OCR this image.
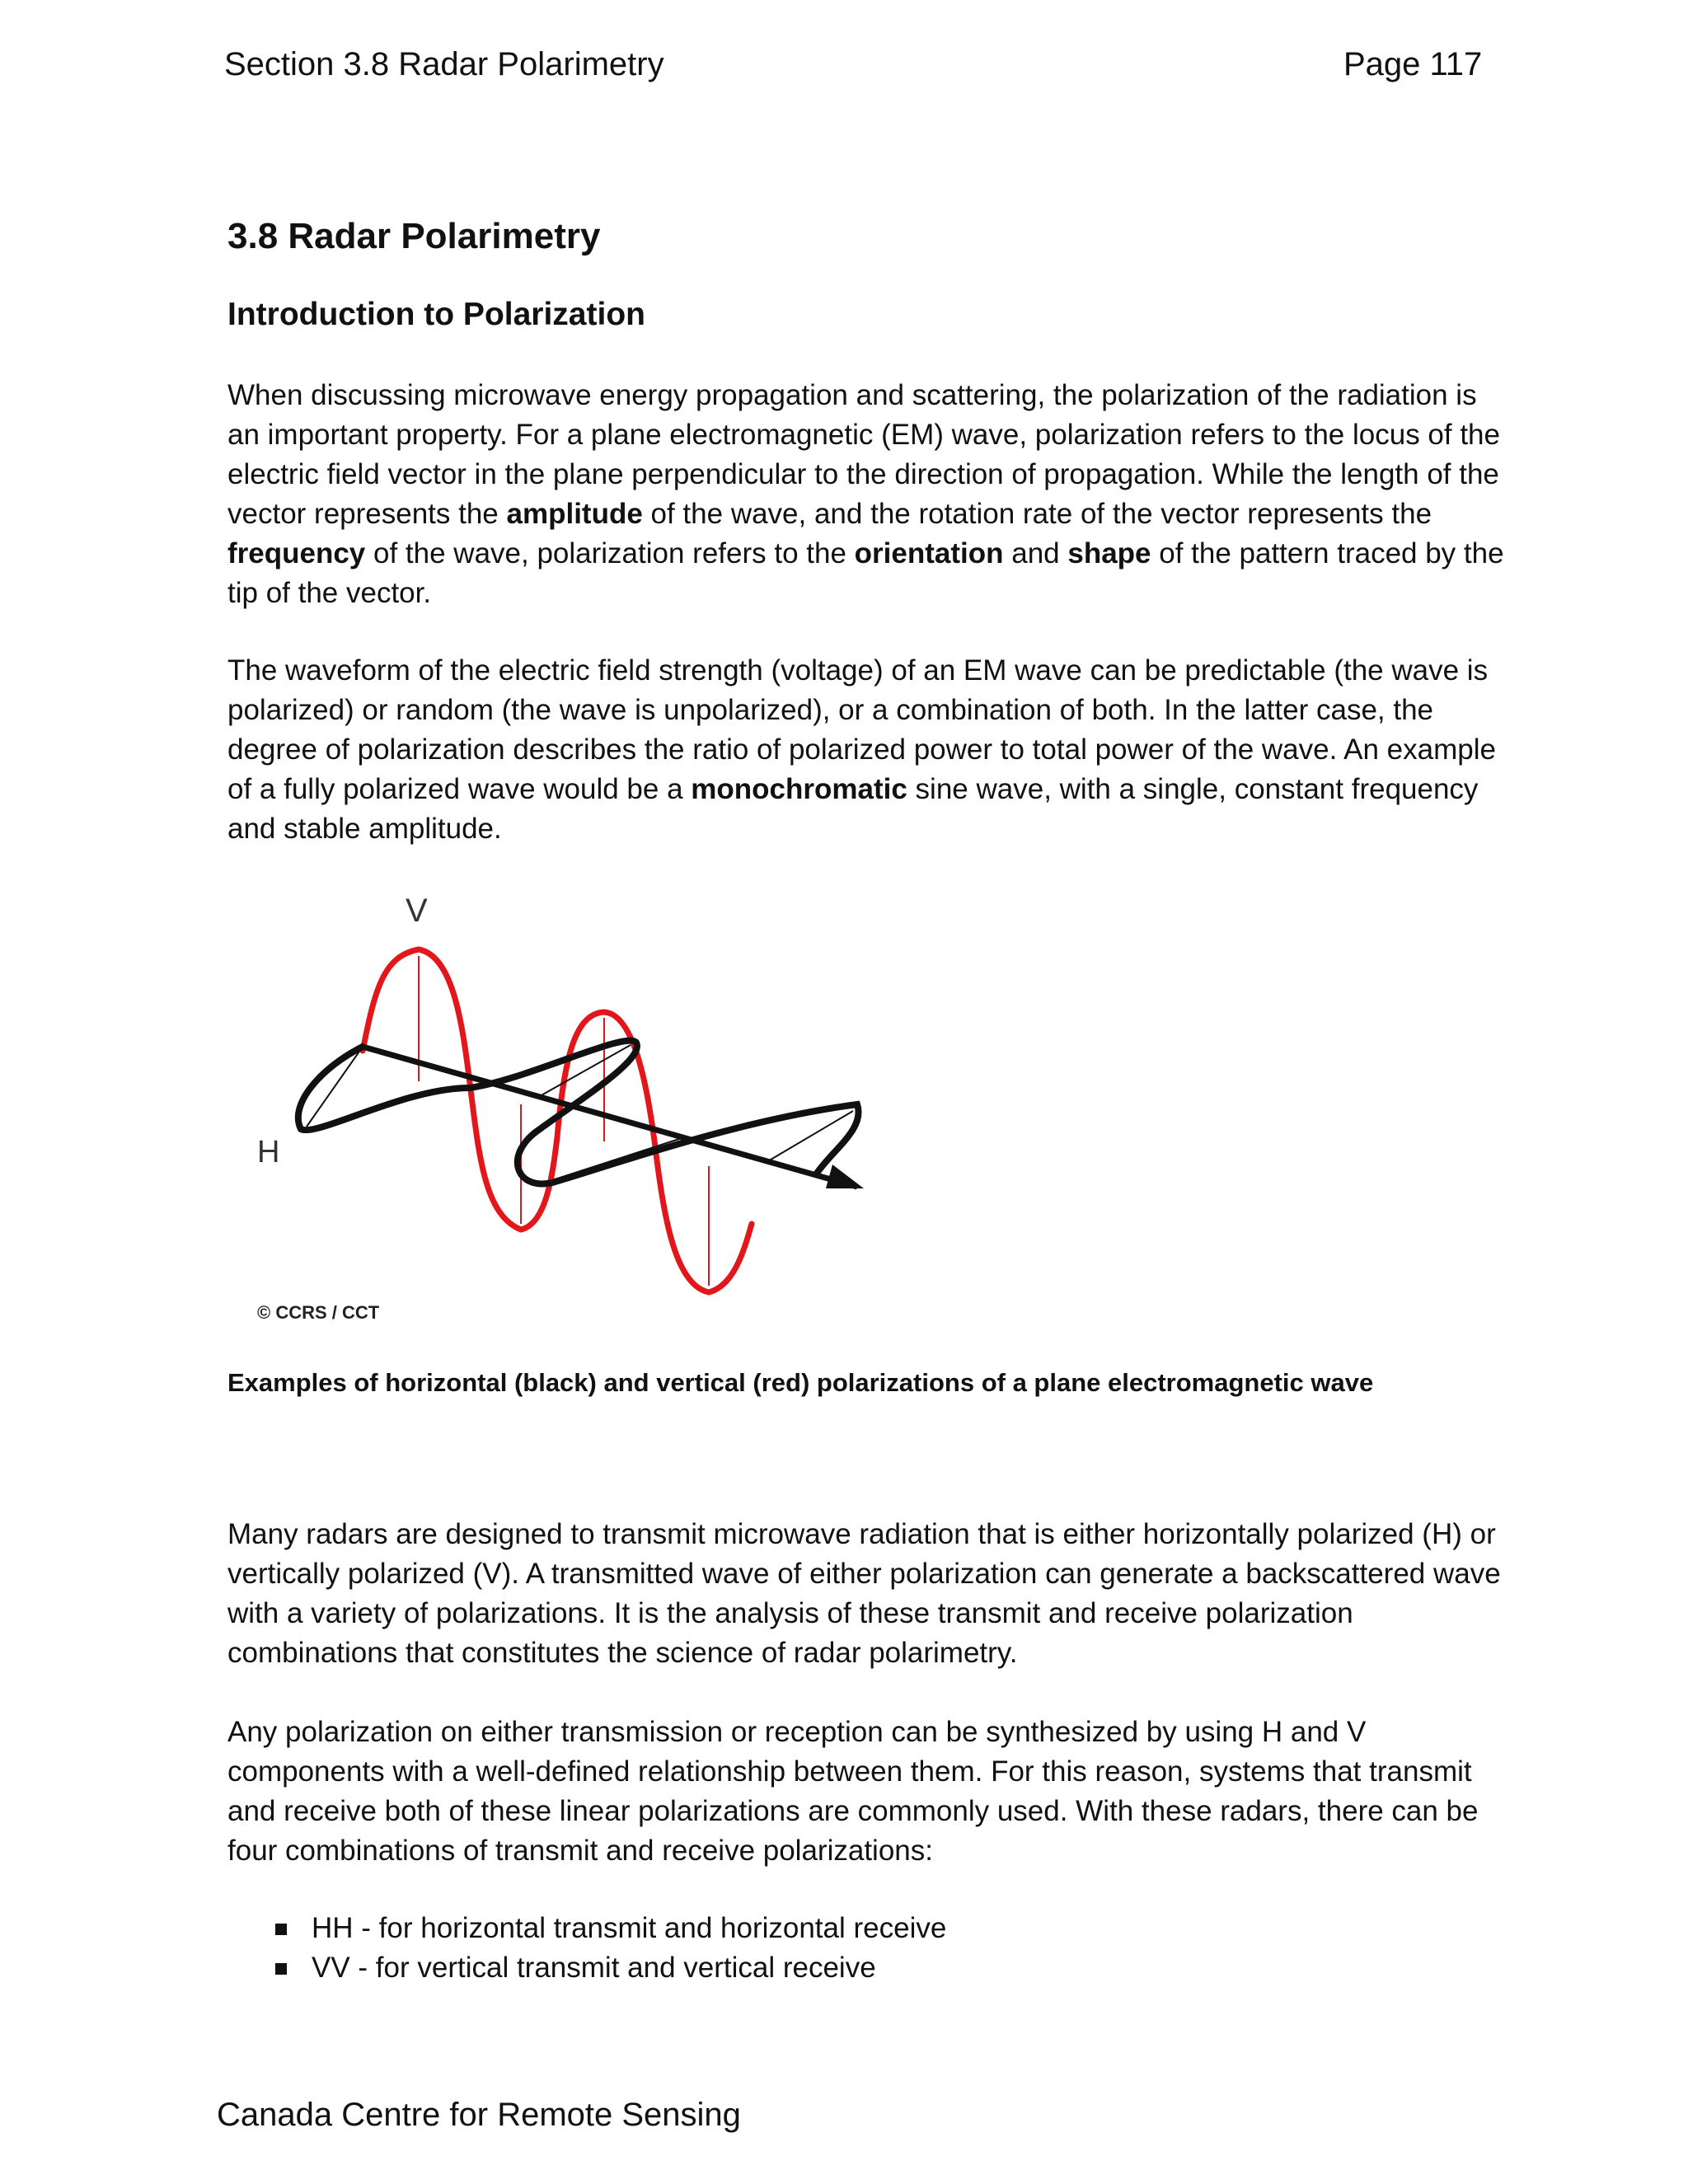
Section 3.8 Radar Polarimetry	Page 117
3.8 Radar Polarimetry
Introduction to Polarization
When discussing microwave energy propagation and scattering, the polarization of the radiation is an important property. For a plane electromagnetic (EM) wave, polarization refers to the locus of the electric field vector in the plane perpendicular to the direction of propagation. While the length of the vector represents the amplitude of the wave, and the rotation rate of the vector represents the frequency of the wave, polarization refers to the orientation and shape of the pattern traced by the tip of the vector.
The waveform of the electric field strength (voltage) of an EM wave can be predictable (the wave is polarized) or random (the wave is unpolarized), or a combination of both. In the latter case, the degree of polarization describes the ratio of polarized power to total power of the wave. An example of a fully polarized wave would be a monochromatic sine wave, with a single, constant frequency and stable amplitude.
V
H
© CCRS / CCT
Examples of horizontal (black) and vertical (red) polarizations of a plane electromagnetic wave
Many radars are designed to transmit microwave radiation that is either horizontally polarized (H) or vertically polarized (V). A transmitted wave of either polarization can generate a backscattered wave with a variety of polarizations. It is the analysis of these transmit and receive polarization combinations that constitutes the science of radar polarimetry.
Any polarization on either transmission or reception can be synthesized by using H and V components with a well-defined relationship between them. For this reason, systems that transmit and receive both of these linear polarizations are commonly used. With these radars, there can be four combinations of transmit and receive polarizations:
HH - for horizontal transmit and horizontal receive
VV - for vertical transmit and vertical receive
Canada Centre for Remote Sensing
